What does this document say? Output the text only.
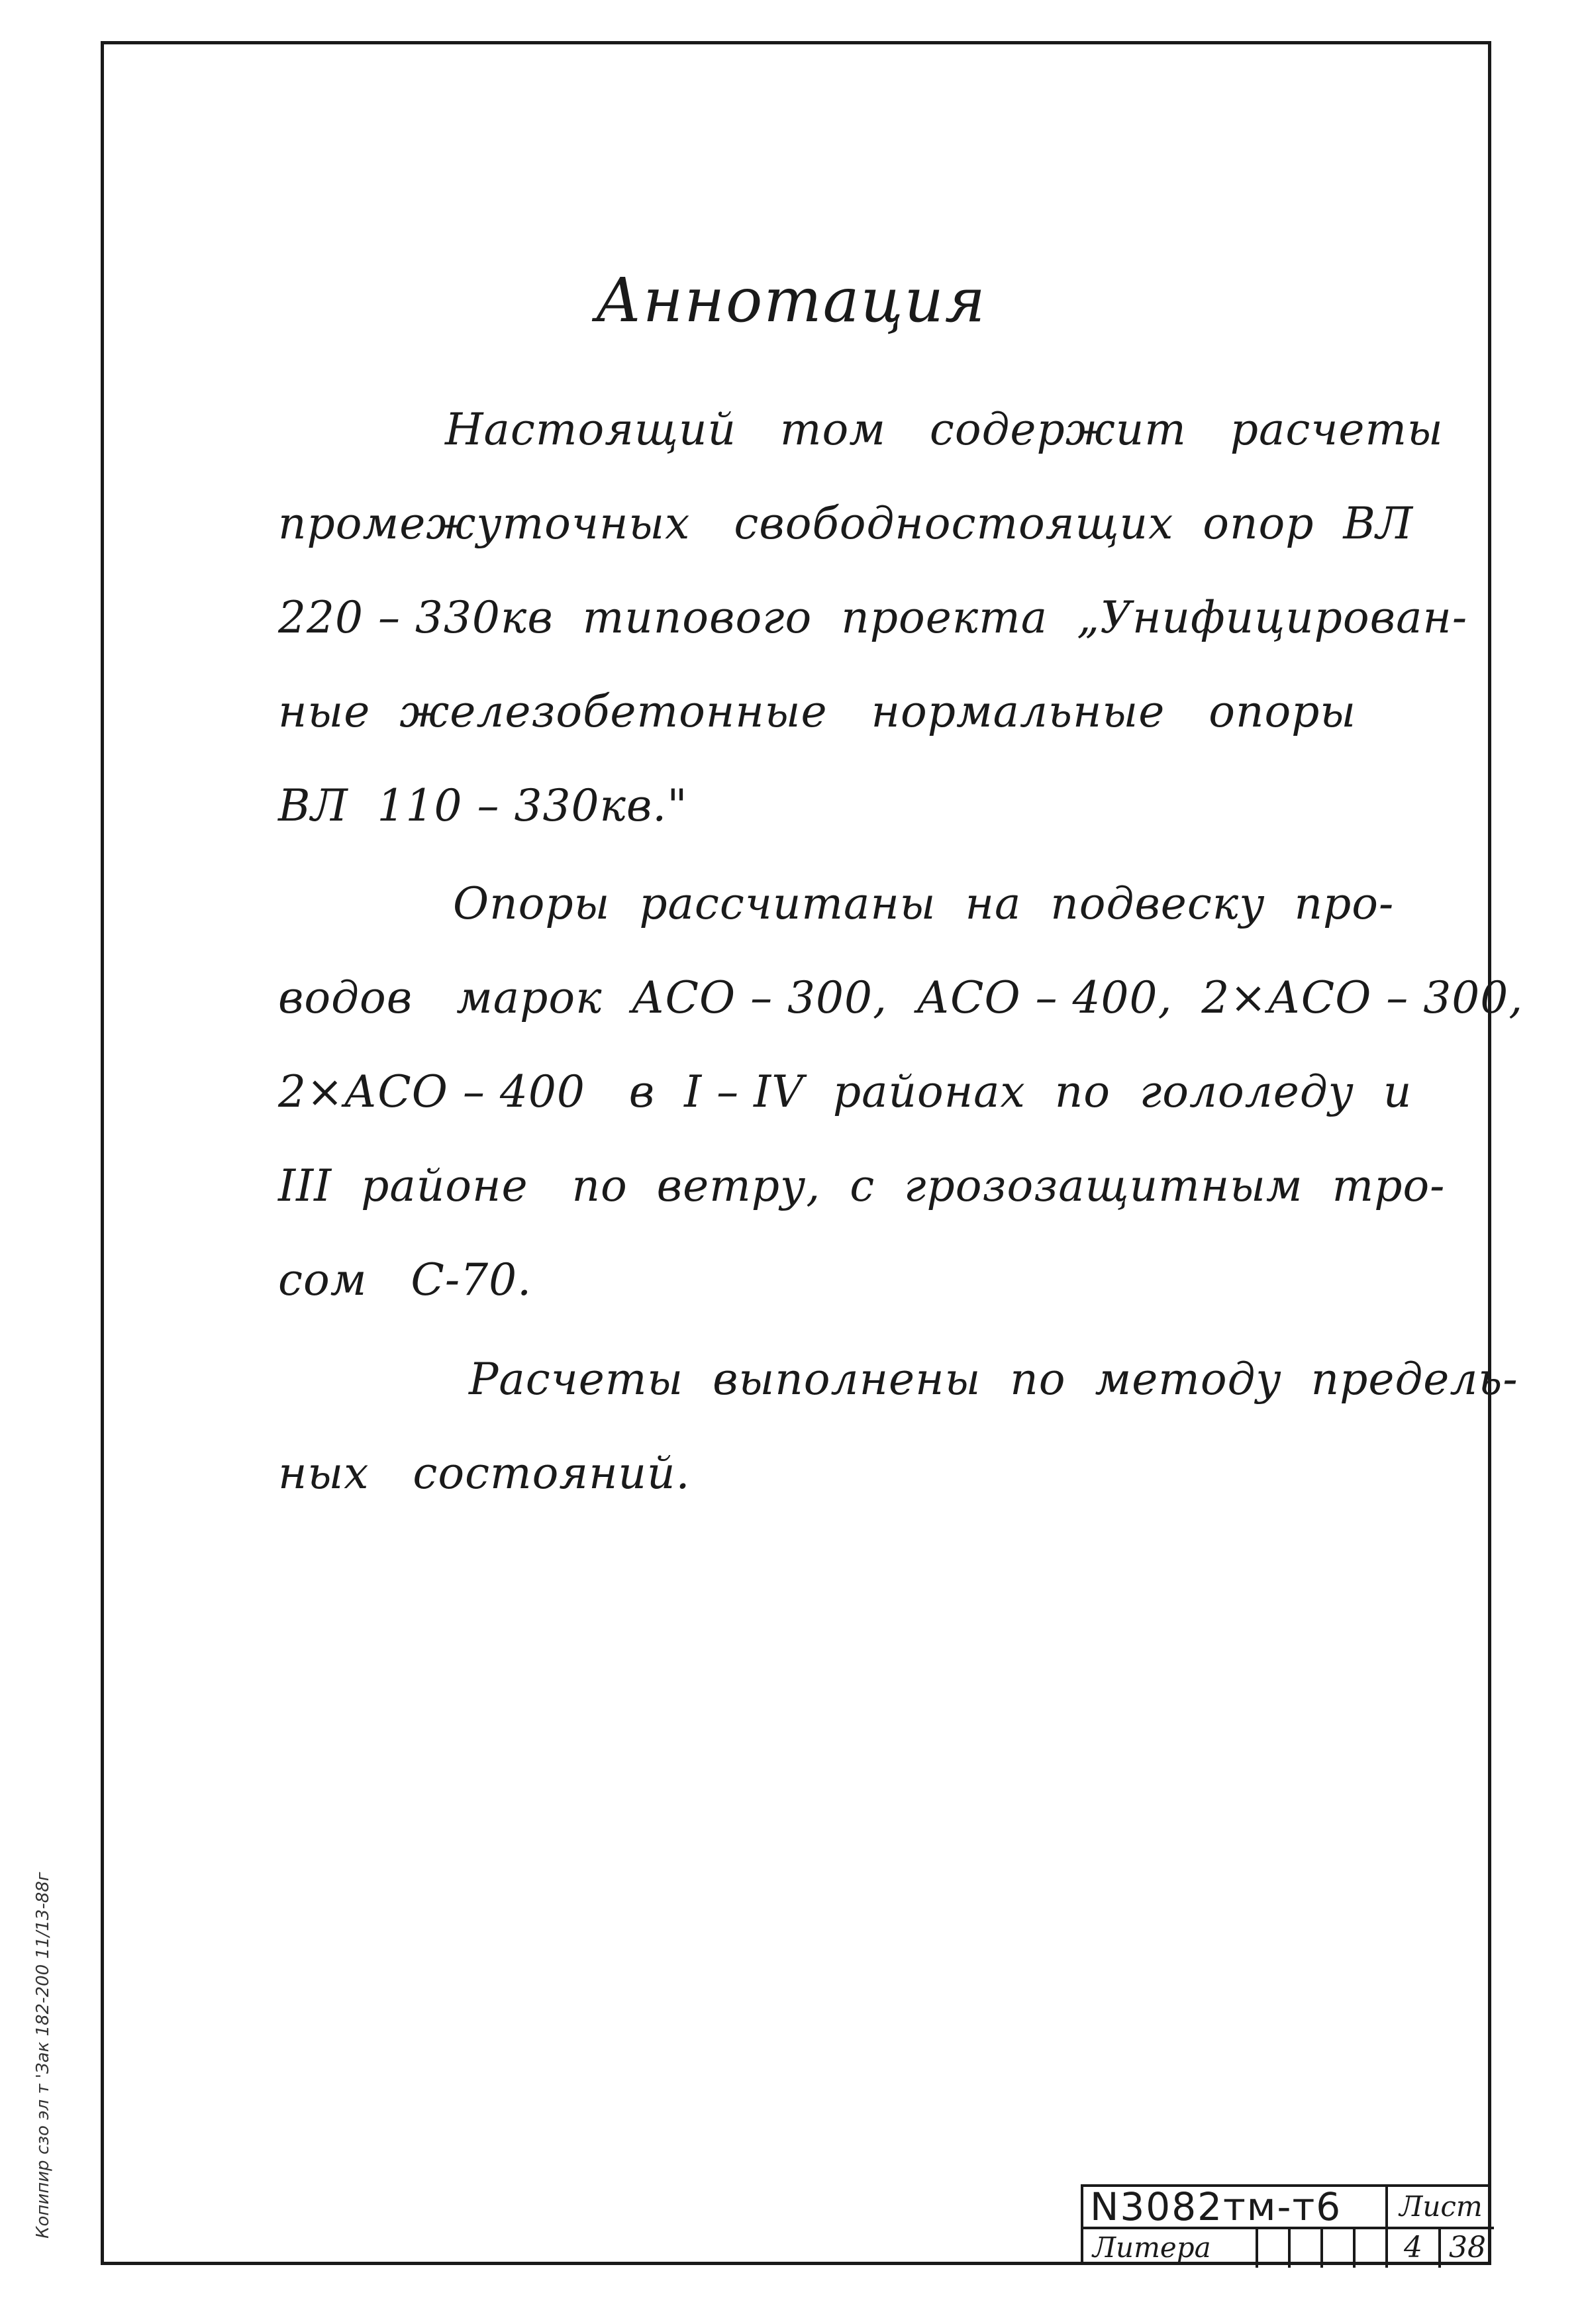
Аннотация
Настоящий   том   содержит   расчеты
промежуточных   свободностоящих  опор  ВЛ
220 – 330кв  типового  проекта  „Унифицирован-
ные  железобетонные   нормальные   опоры
ВЛ  110 – 330кв."
Опоры  рассчитаны  на  подвеску  про-
водов   марок  АСО – 300,  АСО – 400,  2×АСО – 300,
2×АСО – 400   в  I – IV  районах  по  гололеду  и
III  районе   по  ветру,  с  грозозащитным  тро-
сом   С-70.
Расчеты  выполнены  по  методу  предель-
ных   состояний.
Копипир сзо эл т 'Зак 182-200 11/13-88г	N3082тм-т6	Лист
Литера	4 38
